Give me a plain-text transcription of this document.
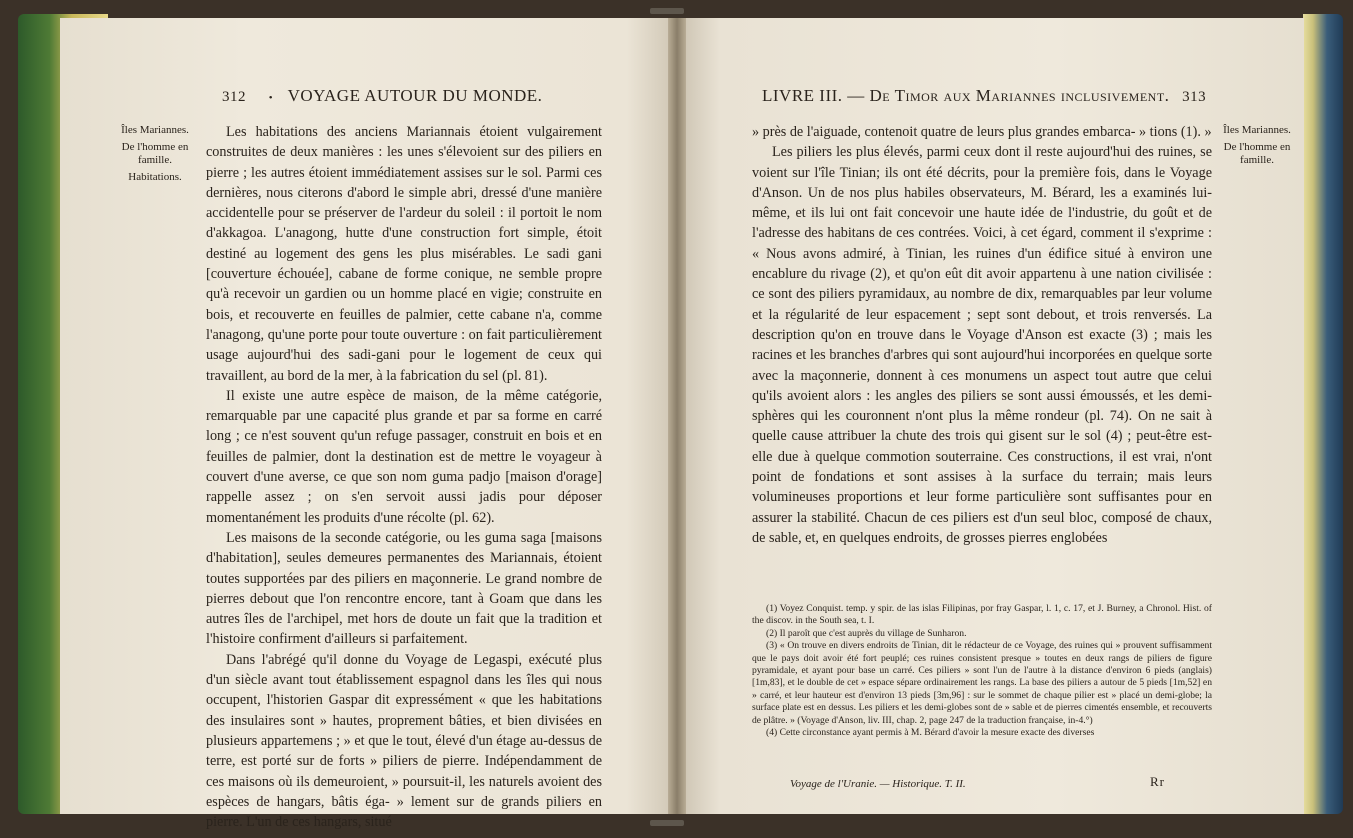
312 • VOYAGE AUTOUR DU MONDE.
Îles Mariannes.
De l'homme en famille.
Habitations.

Les habitations des anciens Mariannais étoient vulgairement construites de deux manières : les unes s'élevoient sur des piliers en pierre ; les autres étoient immédiatement assises sur le sol. Parmi ces dernières, nous citerons d'abord le simple abri, dressé d'une manière accidentelle pour se préserver de l'ardeur du soleil : il portoit le nom d'akkagoa. L'anagong, hutte d'une construction fort simple, étoit destiné au logement des gens les plus misérables. Le sadi gani [couverture échouée], cabane de forme conique, ne semble propre qu'à recevoir un gardien ou un homme placé en vigie; construite en bois, et recouverte en feuilles de palmier, cette cabane n'a, comme l'anagong, qu'une porte pour toute ouverture : on fait particulièrement usage aujourd'hui des sadi-gani pour le logement de ceux qui travaillent, au bord de la mer, à la fabrication du sel (pl. 81).

Il existe une autre espèce de maison, de la même catégorie, remarquable par une capacité plus grande et par sa forme en carré long ; ce n'est souvent qu'un refuge passager, construit en bois et en feuilles de palmier, dont la destination est de mettre le voyageur à couvert d'une averse, ce que son nom guma padjo [maison d'orage] rappelle assez ; on s'en servoit aussi jadis pour déposer momentanément les produits d'une récolte (pl. 62).

Les maisons de la seconde catégorie, ou les guma saga [maisons d'habitation], seules demeures permanentes des Mariannais, étoient toutes supportées par des piliers en maçonnerie. Le grand nombre de pierres debout que l'on rencontre encore, tant à Goam que dans les autres îles de l'archipel, met hors de doute un fait que la tradition et l'histoire confirment d'ailleurs si parfaitement.

Dans l'abrégé qu'il donne du Voyage de Legaspi, exécuté plus d'un siècle avant tout établissement espagnol dans les îles qui nous occupent, l'historien Gaspar dit expressément « que les habitations des insulaires sont » hautes, proprement bâties, et bien divisées en plusieurs appartemens ; » et que le tout, élevé d'un étage au-dessus de terre, est porté sur de forts » piliers de pierre. Indépendamment de ces maisons où ils demeuroient, » poursuit-il, les naturels avoient des espèces de hangars, bâtis éga- » lement sur de grands piliers en pierre. L'un de ces hangars, situé

LIVRE III. — De Timor aux Mariannes inclusivement. 313
Îles Mariannes.
De l'homme en famille.

» près de l'aiguade, contenoit quatre de leurs plus grandes embarca- » tions (1). »

Les piliers les plus élevés, parmi ceux dont il reste aujourd'hui des ruines, se voient sur l'île Tinian; ils ont été décrits, pour la première fois, dans le Voyage d'Anson. Un de nos plus habiles observateurs, M. Bérard, les a examinés lui-même, et ils lui ont fait concevoir une haute idée de l'industrie, du goût et de l'adresse des habitans de ces contrées. Voici, à cet égard, comment il s'exprime : « Nous avons admiré, à Tinian, les ruines d'un édifice situé à environ une encablure du rivage (2), et qu'on eût dit avoir appartenu à une nation civilisée : ce sont des piliers pyramidaux, au nombre de dix, remarquables par leur volume et la régularité de leur espacement ; sept sont debout, et trois renversés. La description qu'on en trouve dans le Voyage d'Anson est exacte (3) ; mais les racines et les branches d'arbres qui sont aujourd'hui incorporées en quelque sorte avec la maçonnerie, donnent à ces monumens un aspect tout autre que celui qu'ils avoient alors : les angles des piliers se sont aussi émoussés, et les demi-sphères qui les couronnent n'ont plus la même rondeur (pl. 74). On ne sait à quelle cause attribuer la chute des trois qui gisent sur le sol (4) ; peut-être est-elle due à quelque commotion souterraine. Ces constructions, il est vrai, n'ont point de fondations et sont assises à la surface du terrain; mais leurs volumineuses proportions et leur forme particulière sont suffisantes pour en assurer la stabilité. Chacun de ces piliers est d'un seul bloc, composé de chaux, de sable, et, en quelques endroits, de grosses pierres englobées

(1) Voyez Conquist. temp. y spir. de las islas Filipinas, por fray Gaspar, l. 1, c. 17, et J. Burney, a Chronol. Hist. of the discov. in the South sea, t. I.

(2) Il paroît que c'est auprès du village de Sunharon.

(3) « On trouve en divers endroits de Tinian, dit le rédacteur de ce Voyage, des ruines qui » prouvent suffisamment que le pays doit avoir été fort peuplé; ces ruines consistent presque » toutes en deux rangs de piliers de figure pyramidale, et ayant pour base un carré. Ces piliers » sont l'un de l'autre à la distance d'environ 6 pieds (anglais) [1m,83], et le double de cet » espace sépare ordinairement les rangs. La base des piliers a autour de 5 pieds [1m,52] en » carré, et leur hauteur est d'environ 13 pieds [3m,96] : sur le sommet de chaque pilier est » placé un demi-globe; la surface plate est en dessus. Les piliers et les demi-globes sont de » sable et de pierres cimentés ensemble, et recouverts de plâtre. » (Voyage d'Anson, liv. III, chap. 2, page 247 de la traduction française, in-4.°)

(4) Cette circonstance ayant permis à M. Bérard d'avoir la mesure exacte des diverses

Voyage de l'Uranie. — Historique. T. II.	Rr
